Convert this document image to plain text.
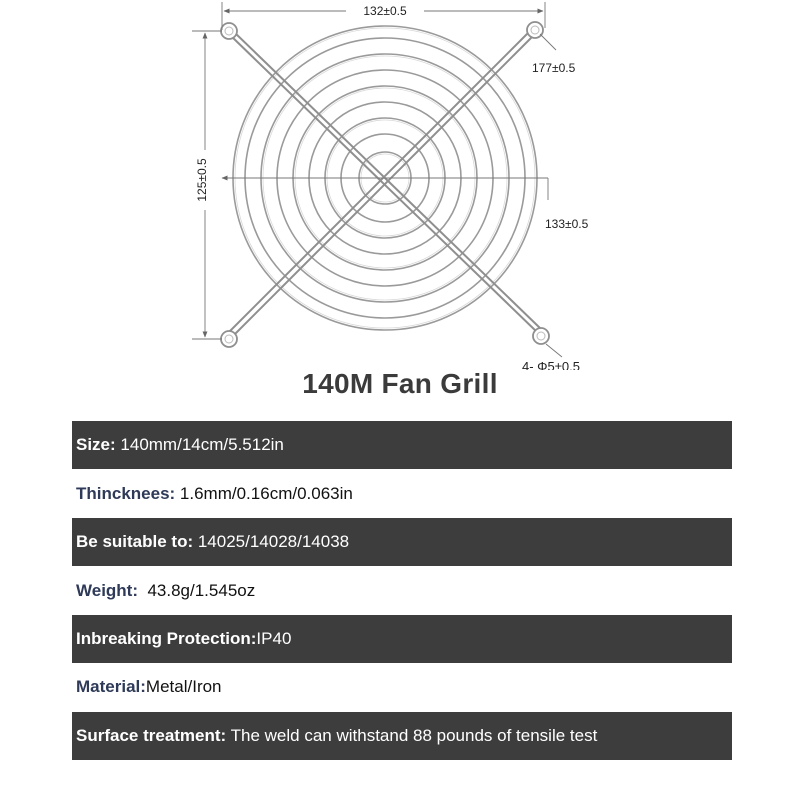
132±0.5
125±0.5
177±0.5
133±0.5
4- Φ5±0.5
140M Fan Grill
Size: 140mm/14cm/5.512in
Thincknees: 1.6mm/0.16cm/0.063in
Be suitable to: 14025/14028/14038
Weight: 43.8g/1.545oz
Inbreaking Protection: IP40
Material: Metal/Iron
Surface treatment: The weld can withstand 88 pounds of tensile test
